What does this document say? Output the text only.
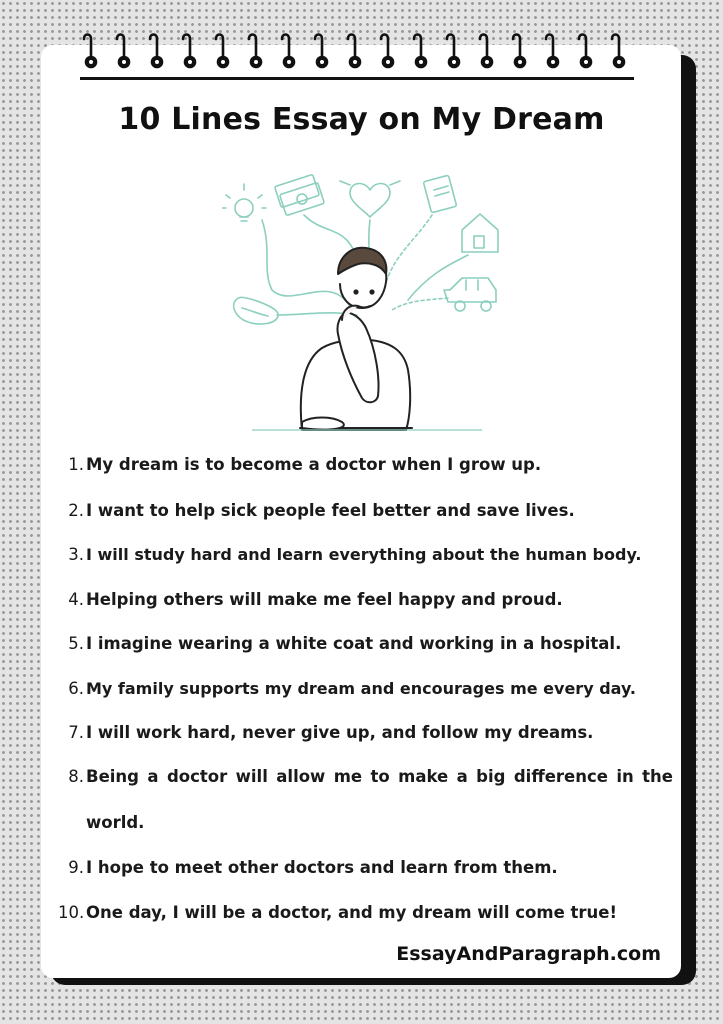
10 Lines Essay on My Dream
1. My dream is to become a doctor when I grow up.
2. I want to help sick people feel better and save lives.
3. I will study hard and learn everything about the human body.
4. Helping others will make me feel happy and proud.
5. I imagine wearing a white coat and working in a hospital.
6. My family supports my dream and encourages me every day.
7. I will work hard, never give up, and follow my dreams.
8. Being a doctor will allow me to make a big difference in the world.
9. I hope to meet other doctors and learn from them.
10. One day, I will be a doctor, and my dream will come true!
EssayAndParagraph.com
